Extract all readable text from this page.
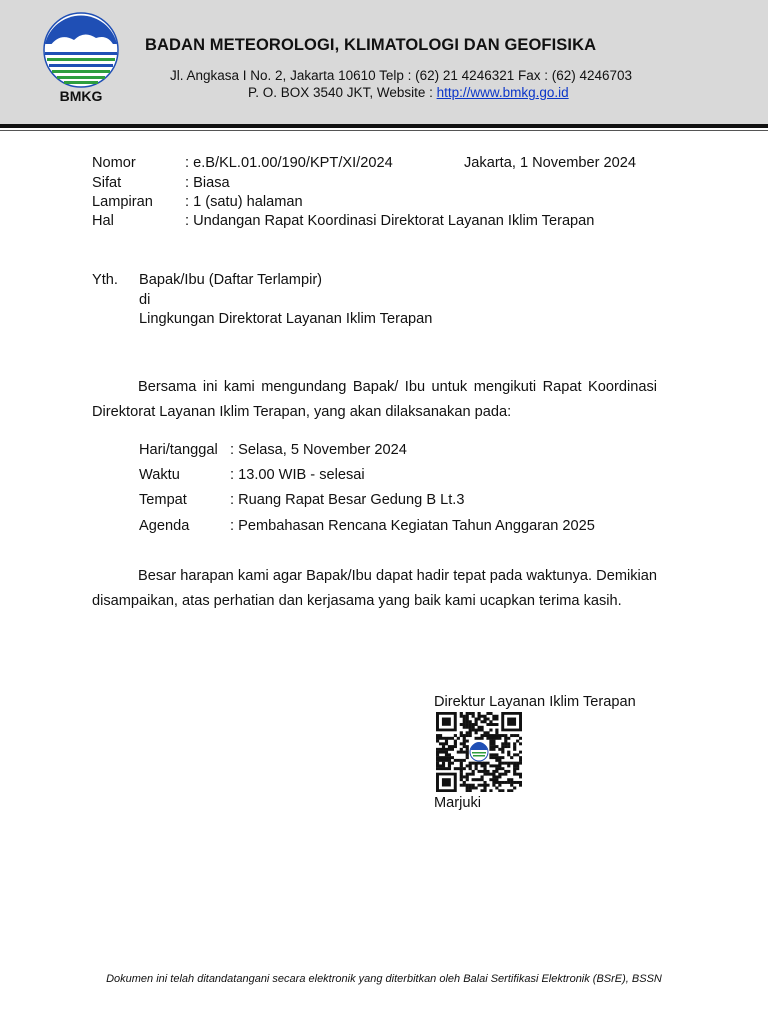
BMKG
BADAN METEOROLOGI, KLIMATOLOGI DAN GEOFISIKA
Jl. Angkasa I No. 2, Jakarta 10610 Telp : (62) 21 4246321 Fax : (62) 4246703
P. O. BOX 3540 JKT, Website : http://www.bmkg.go.id
Nomor	: e.B/KL.01.00/190/KPT/XI/2024	Jakarta, 1 November 2024
Sifat	: Biasa
Lampiran : 1 (satu) halaman
Hal	: Undangan Rapat Koordinasi Direktorat Layanan Iklim Terapan
Yth. Bapak/Ibu (Daftar Terlampir)
di
Lingkungan Direktorat Layanan Iklim Terapan
Bersama ini kami mengundang Bapak/ Ibu untuk mengikuti Rapat Koordinasi Direktorat Layanan Iklim Terapan, yang akan dilaksanakan pada:
Hari/tanggal : Selasa, 5 November 2024
Waktu	: 13.00 WIB - selesai
Tempat	: Ruang Rapat Besar Gedung B Lt.3
Agenda	: Pembahasan Rencana Kegiatan Tahun Anggaran 2025
Besar harapan kami agar Bapak/Ibu dapat hadir tepat pada waktunya. Demikian disampaikan, atas perhatian dan kerjasama yang baik kami ucapkan terima kasih.
Direktur Layanan Iklim Terapan
Marjuki
Dokumen ini telah ditandatangani secara elektronik yang diterbitkan oleh Balai Sertifikasi Elektronik (BSrE), BSSN
